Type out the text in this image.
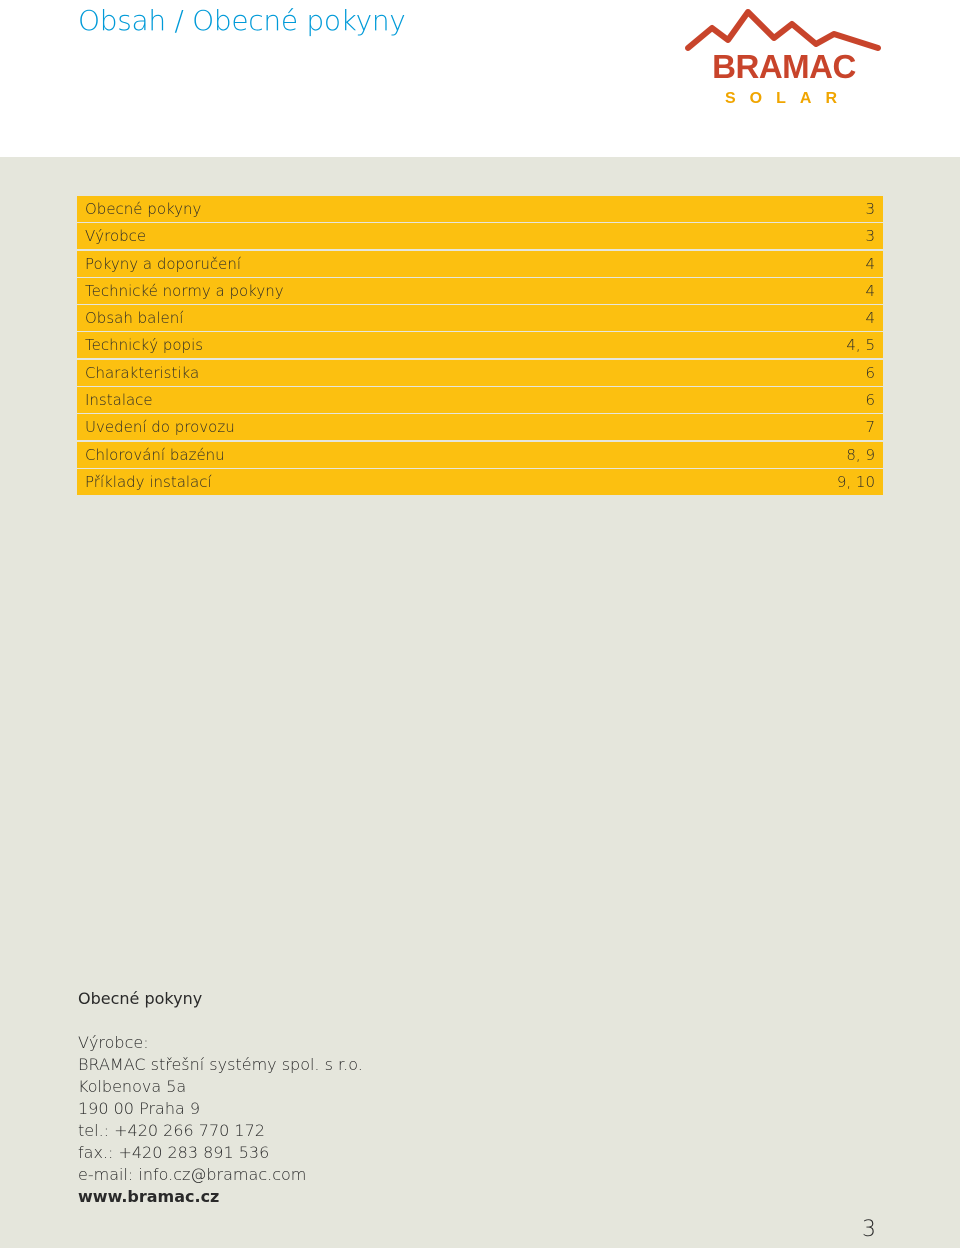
Obsah / Obecné pokyny
BRAMAC
SOLAR
Obecné pokyny	3
Výrobce	3
Pokyny a doporučení	4
Technické normy a pokyny	4
Obsah balení	4
Technický popis	4, 5
Charakteristika	6
Instalace	6
Uvedení do provozu	7
Chlorování bazénu	8, 9
Příklady instalací	9, 10
Obecné pokyny
Výrobce:
BRAMAC střešní systémy spol. s r.o.
Kolbenova 5a
190 00 Praha 9
tel.: +420 266 770 172
fax.: +420 283 891 536
e-mail: info.cz@bramac.com
www.bramac.cz
3
